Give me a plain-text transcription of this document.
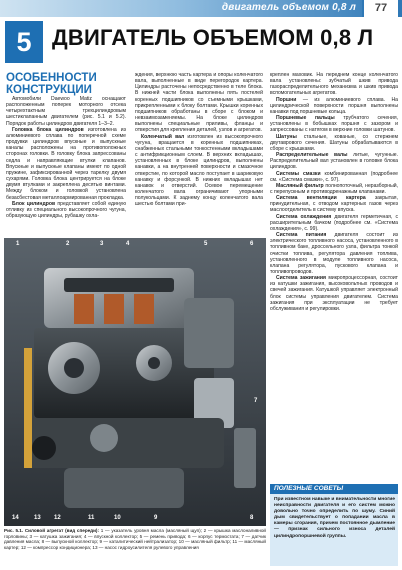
двигатель объемом 0,8 л	77
5 ДВИГАТЕЛЬ ОБЪЕМОМ 0,8 Л

ОСОБЕННОСТИ КОНСТРУКЦИИ

Автомобили Daewoo Matiz оснащают расположенным поперек моторного отсека четырехтактным трехцилиндровым шестиклапанным двигателем (рис. 5.1 и 5.2). Порядок работы цилиндров двигателя 1–3–2.

Головка блока цилиндров изготовлена из алюминиевого сплава по поперечной схеме продувки цилиндров впускные и выпускные каналы расположены на противоположных сторонах головки. В головку блока запрессованы седла и направляющие втулки клапанов. Впускные и выпускные клапаны имеют по одной пружине, зафиксированной через тарелку двумя сухарями. Головка блока центрируется на блоке двумя втулками и закреплена десятью винтами. Между блоком и головкой установлена безасбестовая металлоармированная прокладка.

Блок цилиндров представляет собой единую отливку из специального высокопрочного чугуна, образующую цилиндры, рубашку охла-

ждения, верхнюю часть картера и опоры коленчатого вала, выполненные в виде перегородок картера. Цилиндры расточены непосредственно в теле блока. В нижней части блока выполнены пять постелей коренных подшипников со съемными крышками, прикрепленными к блоку болтами. Крышки коренных подшипников обработаны в сборе с блоком и невзаимозаменяемы. На блоке цилиндров выполнены специальные приливы, фланцы и отверстия для крепления деталей, узлов и агрегатов.

Коленчатый вал изготовлен из высокопрочного чугуна, вращается в коренных подшипниках, снабженных стальными тонкостенными вкладышами с антифрикционным слоем. В верхних вкладышах, установленных в блоке цилиндров, выполнены канавки, а на внутренней поверхности и смазочное отверстие, по которой масло поступает в шариковую канавку и форсункой. В нижних вкладышах нет канавок и отверстий. Осевое перемещение коленчатого вала ограничивают упорными полукольцами. К заднему концу коленчатого вала шестью болтами при-

креплен маховик. На переднем конце коленчатого вала установлены: зубчатый шкив привода газораспределительного механизма и шкив привода вспомогательных агрегатов.

Поршни — из алюминиевого сплава. На цилиндрической поверхности поршня выполнены канавки под поршневые кольца.

Поршневые пальцы трубчатого сечения, установлены в бобышках поршня с зазором и запрессованы с натягом в верхние головки шатунов.

Шатуны стальные, кованые, со стержнем двутаврового сечения. Шатуны обрабатываются в сборе с крышками.

Распределительные валы литые, чугунные. Распределительный вал установлен в головке блока цилиндров.

Системы смазки комбинированная (подробнее см. «Система смазки», с. 97).

Масляный фильтр полнопоточный, неразборный, с перепускным и противодренажным клапанами.

Система вентиляции картера закрытая, принудительная, с отводом картерных газов через маслоотделитель в систему впуска.

Система охлаждения двигателя герметичная, с расширительным бачком (подробнее см. «Система охлаждения», с. 99).

Система питания двигателя состоит из электрического топливного насоса, установленного в топливном баке, дроссельного узла, фильтра тонкой очистки топлива, регулятора давления топлива, установленного в модуле топливного насоса, клапана регулятора, пускового клапана и топливопроводов.

Система зажигания микропроцессорная, состоит из катушки зажигания, высоковольтных проводов и свечей зажигания. Катушкой управляет электронный блок системы управления двигателем. Система зажигания при эксплуатации не требует обслуживания и регулировки.

1	2	3	4	5	6
7
8
9
10
11
12
13
14
Рис. 5.1. Силовой агрегат (вид спереди): 1 — указатель уровня масла (масляный щуп); 2 — крышка маслоналивной горловины; 3 — катушка зажигания; 4 — впускной коллектор; 5 — ремень привода; 6 — корпус термостата; 7 — датчик давления масла; 8 — выпускной коллектор; 9 — каталитический нейтрализатор; 10 — масляный фильтр; 11 — масляный картер; 12 — компрессор кондиционера; 13 — насос гидроусилителя рулевого управления
ПОЛЕЗНЫЕ СОВЕТЫ
При известном навыке и внимательности многие неисправности двигателя и его систем можно довольно точно определить по шуму. Синий дым свидетельствует о попадании масла в камеры сгорания, причем постоянное дымление — признак сильного износа деталей цилиндропоршневой группы.
